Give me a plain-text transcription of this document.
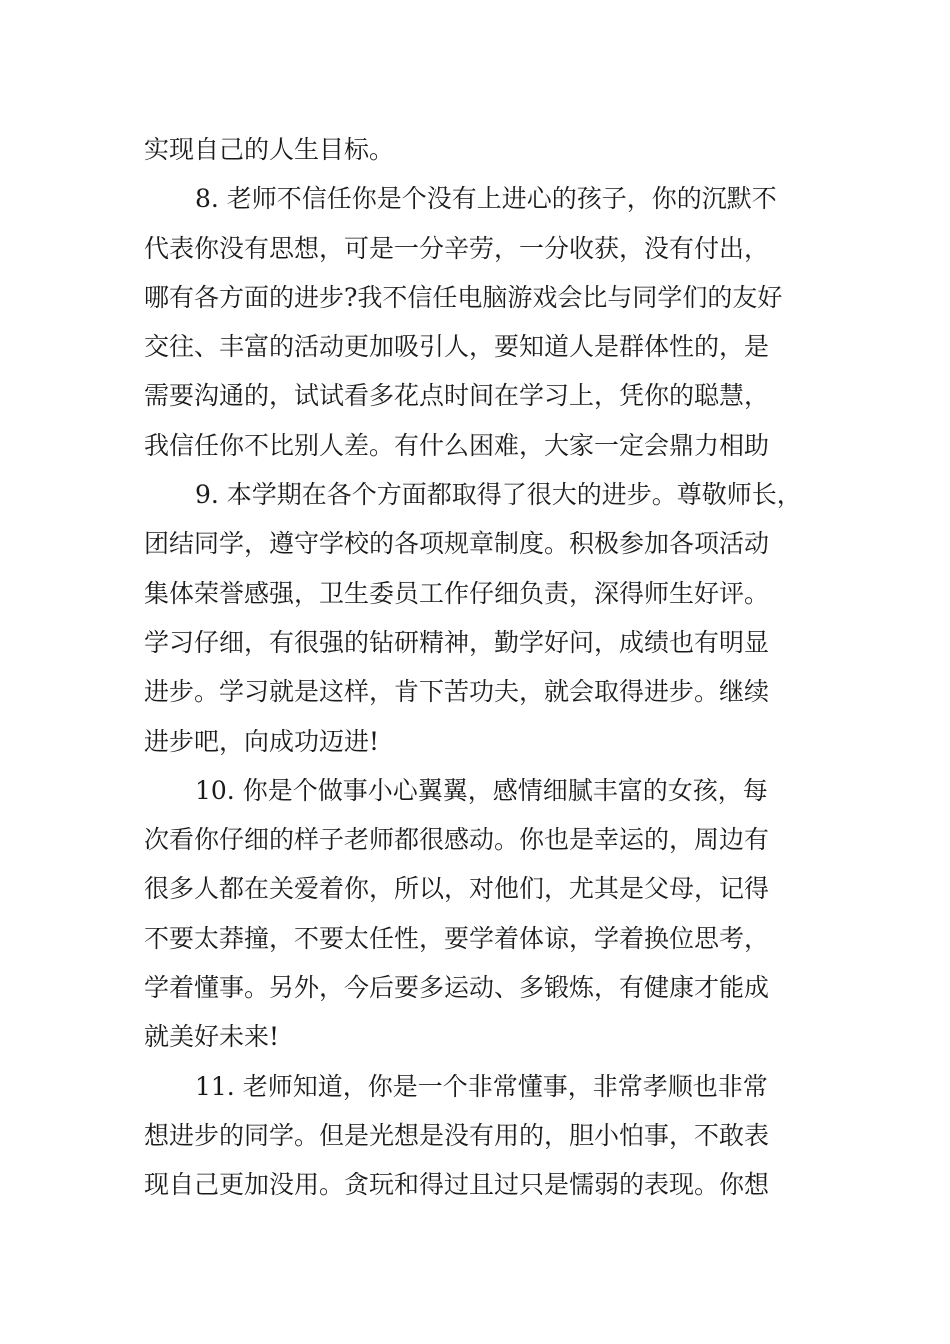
实现自己的人生目标。
8. 老师不信任你是个没有上进心的孩子，你的沉默不
代表你没有思想，可是一分辛劳，一分收获，没有付出，
哪有各方面的进步?我不信任电脑游戏会比与同学们的友好
交往、丰富的活动更加吸引人，要知道人是群体性的，是
需要沟通的，试试看多花点时间在学习上，凭你的聪慧，
我信任你不比别人差。有什么困难，大家一定会鼎力相助
9. 本学期在各个方面都取得了很大的进步。尊敬师长，
团结同学，遵守学校的各项规章制度。积极参加各项活动
集体荣誉感强，卫生委员工作仔细负责，深得师生好评。
学习仔细，有很强的钻研精神，勤学好问，成绩也有明显
进步。学习就是这样，肯下苦功夫，就会取得进步。继续
进步吧，向成功迈进!
10. 你是个做事小心翼翼，感情细腻丰富的女孩，每
次看你仔细的样子老师都很感动。你也是幸运的，周边有
很多人都在关爱着你，所以，对他们，尤其是父母，记得
不要太莽撞，不要太任性，要学着体谅，学着换位思考，
学着懂事。另外，今后要多运动、多锻炼，有健康才能成
就美好未来!
11. 老师知道，你是一个非常懂事，非常孝顺也非常
想进步的同学。但是光想是没有用的，胆小怕事，不敢表
现自己更加没用。贪玩和得过且过只是懦弱的表现。你想
